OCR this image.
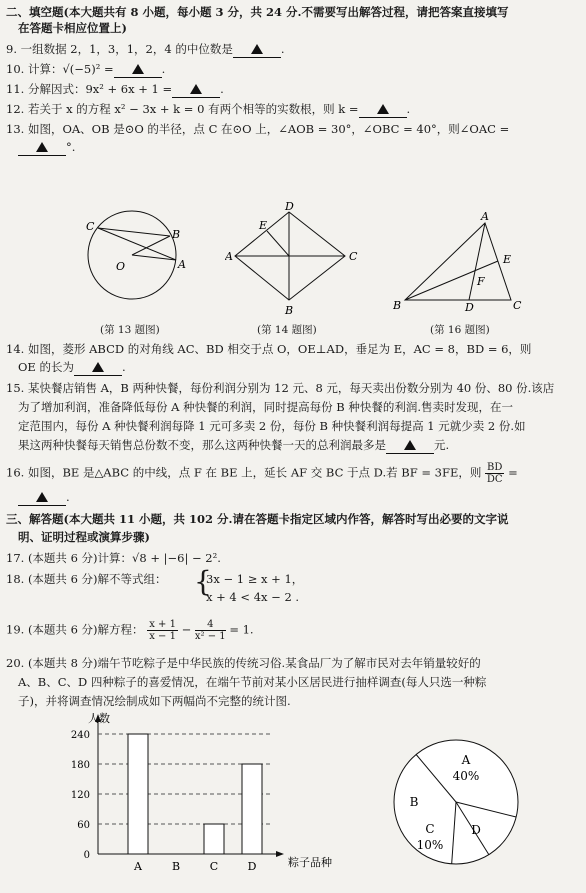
二、填空题(本大题共有 8 小题，每小题 3 分，共 24 分.不需要写出解答过程，请把答案直接填写
在答题卡相应位置上)
9. 一组数据 2，1，3，1，2，4 的中位数是	.
10. 计算：√(−5)² =	.
11. 分解因式：9x² + 6x + 1 =	.
12. 若关于 x 的方程 x² − 3x + k = 0 有两个相等的实数根，则 k =	.
13. 如图，OA、OB 是⊙O 的半径，点 C 在⊙O 上，∠AOB = 30°，∠OBC = 40°，则∠OAC =
°.
C
B
O	A
(第 13 题图)
D
E
A	C
B
(第 14 题图)
A
E
F
B	D	C
(第 16 题图)
14. 如图，菱形 ABCD 的对角线 AC、BD 相交于点 O，OE⊥AD，垂足为 E，AC = 8，BD = 6，则
OE 的长为	.
15. 某快餐店销售 A，B 两种快餐，每份利润分别为 12 元、8 元，每天卖出份数分别为 40 份、80 份.该店
为了增加利润，准备降低每份 A 种快餐的利润，同时提高每份 B 种快餐的利润.售卖时发现，在一
定范围内，每份 A 种快餐利润每降 1 元可多卖 2 份，每份 B 种快餐利润每提高 1 元就少卖 2 份.如
果这两种快餐每天销售总份数不变，那么这两种快餐一天的总利润最多是	元.
16. 如图，BE 是△ABC 的中线，点 F 在 BE 上，延长 AF 交 BC 于点 D.若 BF = 3FE，则 $\frac{BD}{DC}$ =
.
三、解答题(本大题共 11 小题，共 102 分.请在答题卡指定区域内作答，解答时写出必要的文字说
明、证明过程或演算步骤)
17. (本题共 6 分)计算：√8 + |−6| − 2².
18. (本题共 6 分)解不等式组： {
3x − 1 ≥ x + 1，
x + 4 < 4x − 2 .
19. (本题共 6 分)解方程： $\frac{x + 1}{x - 1} - \frac{4}{\text{x² − 1}} = 1$.
20. (本题共 8 分)端午节吃粽子是中华民族的传统习俗.某食品厂为了解市民对去年销量较好的
A、B、C、D 四种粽子的喜爱情况，在端午节前对某小区居民进行抽样调查(每人只选一种粽
子)，并将调查情况绘制成如下两幅尚不完整的统计图.
人数
粽子品种
0
60
120
180
240
A	B	C	D
A
40%
B
C
10%
D
